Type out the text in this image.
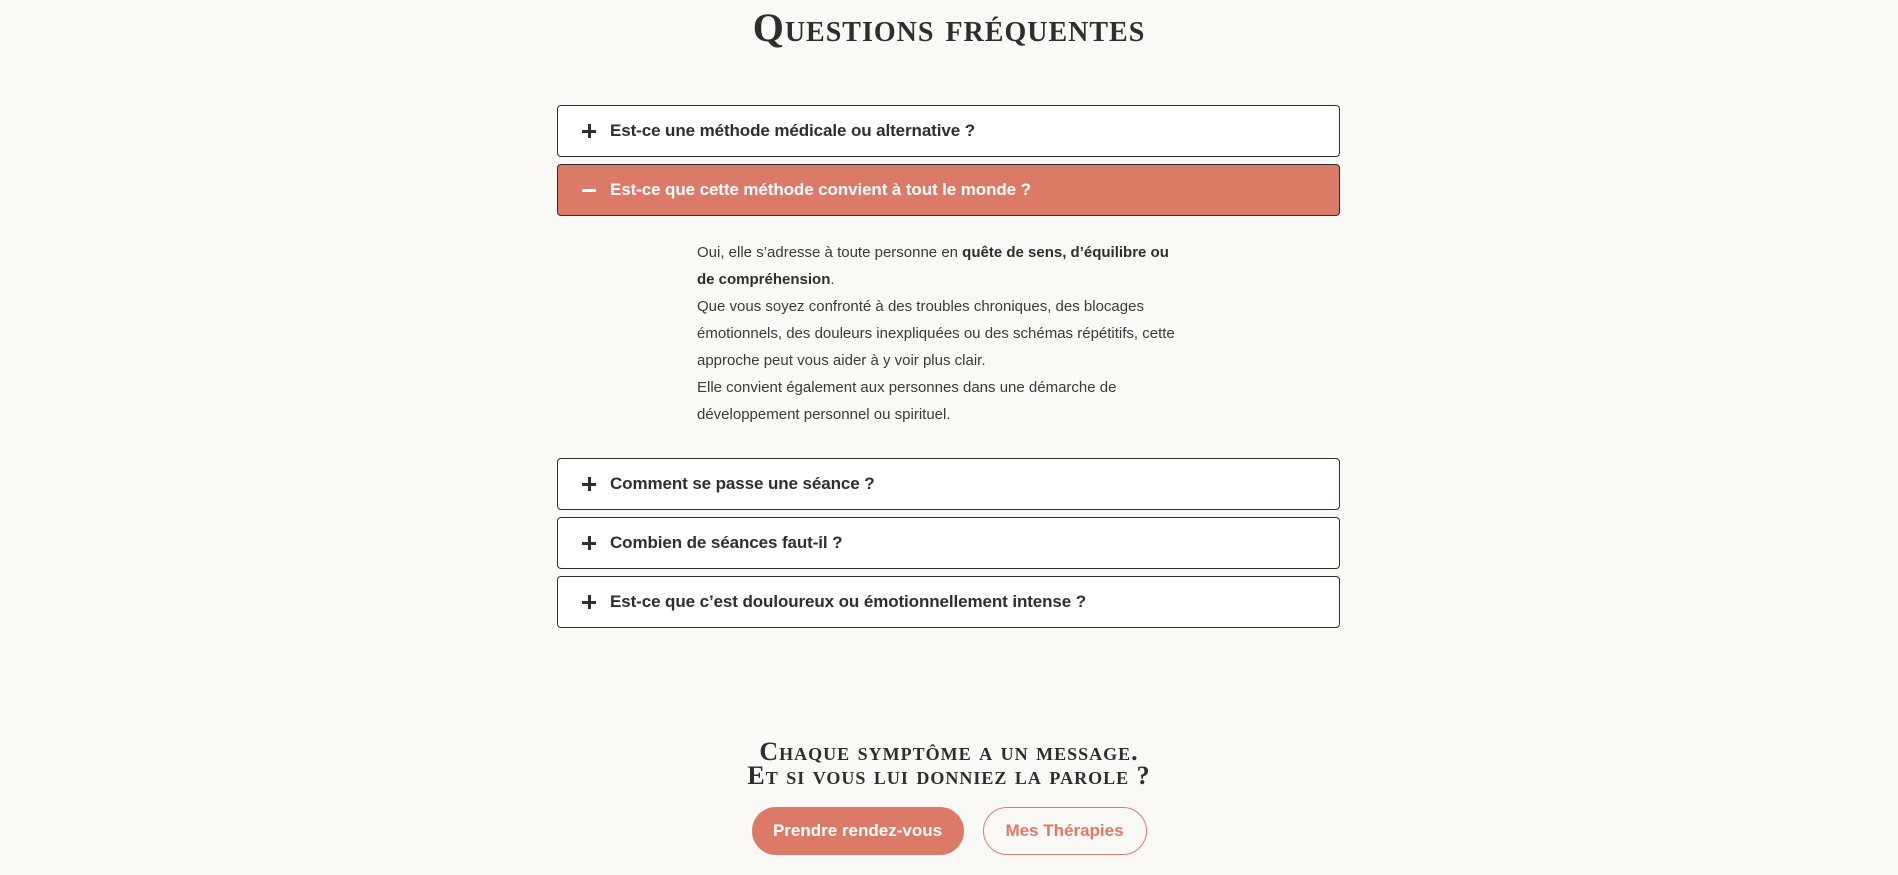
Questions fréquentes
Est-ce une méthode médicale ou alternative ?
Est-ce que cette méthode convient à tout le monde ?

Oui, elle s’adresse à toute personne en quête de sens, d’équilibre ou de compréhension.

Que vous soyez confronté à des troubles chroniques, des blocages émotionnels, des douleurs inexpliquées ou des schémas répétitifs, cette approche peut vous aider à y voir plus clair.

Elle convient également aux personnes dans une démarche de développement personnel ou spirituel.

Comment se passe une séance ?
Combien de séances faut-il ?
Est-ce que c’est douloureux ou émotionnellement intense ?
Chaque symptôme a un message.
Et si vous lui donniez la parole ?
Prendre rendez-vous	Mes Thérapies
